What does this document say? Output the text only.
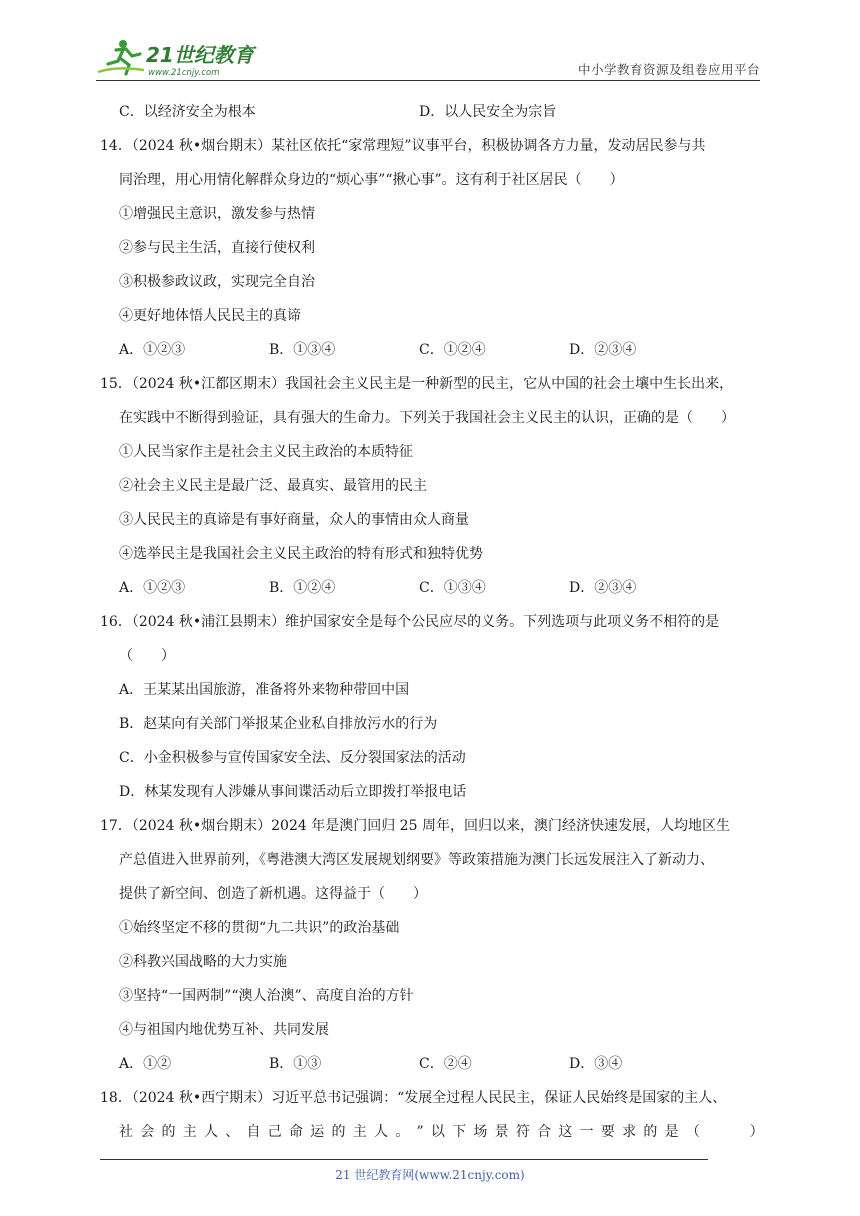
21世纪教育
www.21cnjy.com	中小学教育资源及组卷应用平台
C．以经济安全为根本	D．以人民安全为宗旨
14．（2024 秋•烟台期末）某社区依托“家常理短”议事平台，积极协调各方力量，发动居民参与共
同治理，用心用情化解群众身边的“烦心事”“揪心事”。这有利于社区居民（　　）
①增强民主意识，激发参与热情
②参与民主生活，直接行使权利
③积极参政议政，实现完全自治
④更好地体悟人民民主的真谛
A．①②③	B．①③④	C．①②④	D．②③④
15．（2024 秋•江都区期末）我国社会主义民主是一种新型的民主，它从中国的社会土壤中生长出来，
在实践中不断得到验证，具有强大的生命力。下列关于我国社会主义民主的认识，正确的是（　　）
①人民当家作主是社会主义民主政治的本质特征
②社会主义民主是最广泛、最真实、最管用的民主
③人民民主的真谛是有事好商量，众人的事情由众人商量
④选举民主是我国社会主义民主政治的特有形式和独特优势
A．①②③	B．①②④	C．①③④	D．②③④
16．（2024 秋•浦江县期末）维护国家安全是每个公民应尽的义务。下列选项与此项义务不相符的是
（　　）
A．王某某出国旅游，准备将外来物种带回中国
B．赵某向有关部门举报某企业私自排放污水的行为
C．小金积极参与宣传国家安全法、反分裂国家法的活动
D．林某发现有人涉嫌从事间谍活动后立即拨打举报电话
17．（2024 秋•烟台期末）2024 年是澳门回归 25 周年，回归以来，澳门经济快速发展，人均地区生
产总值进入世界前列，《粤港澳大湾区发展规划纲要》等政策措施为澳门长远发展注入了新动力、
提供了新空间、创造了新机遇。这得益于（　　）
①始终坚定不移的贯彻“九二共识”的政治基础
②科教兴国战略的大力实施
③坚持“一国两制”“澳人治澳”、高度自治的方针
④与祖国内地优势互补、共同发展
A．①②	B．①③	C．②④	D．③④
18．（2024 秋•西宁期末）习近平总书记强调：“发展全过程人民民主，保证人民始终是国家的主人、
社 会 的 主 人 、 自 己 命 运 的 主 人 。 ” 以 下 场 景 符 合 这 一 要 求 的 是 （

　	）
21 世纪教育网(www.21cnjy.com)
